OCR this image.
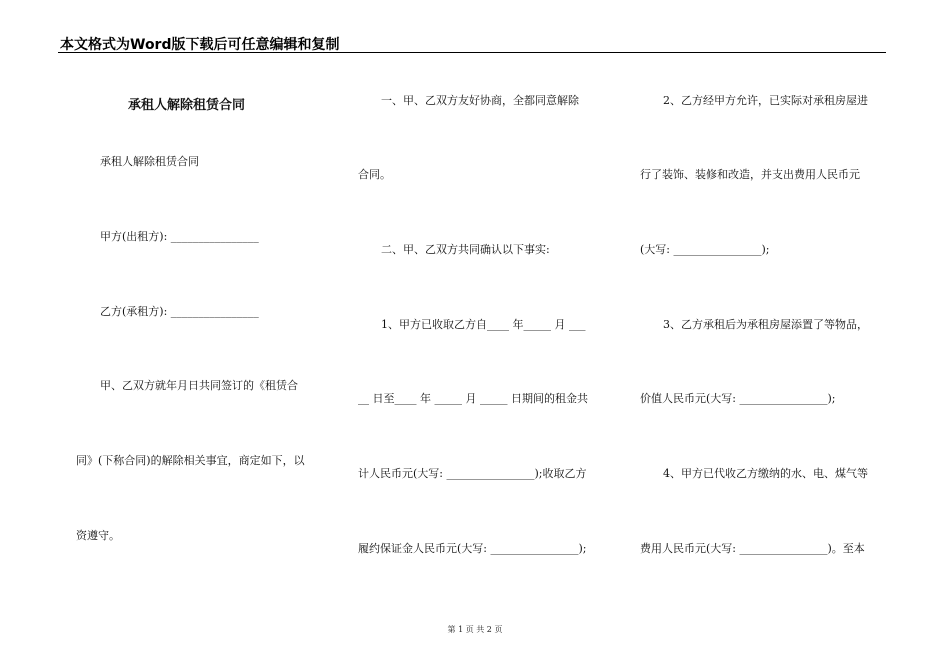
本文格式为Word版下载后可任意编辑和复制
承租人解除租赁合同
承租人解除租赁合同
甲方(出租方): ________________
乙方(承租方): ________________
甲、乙双方就年月日共同签订的《租赁合
同》(下称合同)的解除相关事宜，商定如下，以
资遵守。
一、甲、乙双方友好协商，全都同意解除
合同。
二、甲、乙双方共同确认以下事实:
1、甲方已收取乙方自____ 年_____ 月 ___
__ 日至____ 年 _____ 月 _____ 日期间的租金共
计人民币元(大写: ________________);收取乙方
履约保证金人民币元(大写: ________________);
2、乙方经甲方允许，已实际对承租房屋进
行了装饰、装修和改造，并支出费用人民币元
(大写: ________________);
3、乙方承租后为承租房屋添置了等物品，
价值人民币元(大写: ________________);
4、甲方已代收乙方缴纳的水、电、煤气等
费用人民币元(大写: ________________)。至本
第 1 页 共 2 页
